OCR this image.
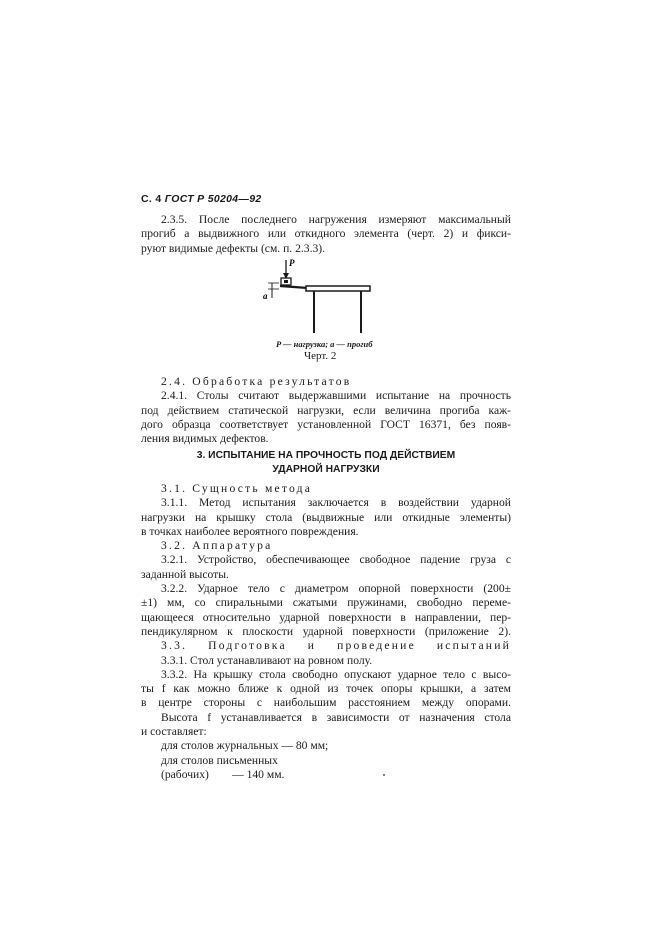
С. 4 ГОСТ Р 50204—92
2.3.5. После последнего нагружения измеряют максимальный
прогиб a выдвижного или откидного элемента (черт. 2) и фикси-
руют видимые дефекты (см. п. 2.3.3).
P
a
P — нагрузка; a — прогиб
Черт. 2
2.4. Обработка результатов
2.4.1. Столы считают выдержавшими испытание на прочность
под действием статической нагрузки, если величина прогиба каж-
дого образца соответствует установленной ГОСТ 16371, без появ-
ления видимых дефектов.
3. ИСПЫТАНИЕ НА ПРОЧНОСТЬ ПОД ДЕЙСТВИЕМ
УДАРНОЙ НАГРУЗКИ
3.1. Сущность метода
3.1.1. Метод испытания заключается в воздействии ударной
нагрузки на крышку стола (выдвижные или откидные элементы)
в точках наиболее вероятного повреждения.
3.2. Аппаратура
3.2.1. Устройство, обеспечивающее свободное падение груза с
заданной высоты.
3.2.2. Ударное тело с диаметром опорной поверхности (200±
±1) мм, со спиральными сжатыми пружинами, свободно переме-
щающееся относительно ударной поверхности в направлении, пер-
пендикулярном к плоскости ударной поверхности (приложение 2).
3.3. Подготовка и проведение испытаний
3.3.1. Стол устанавливают на ровном полу.
3.3.2. На крышку стола свободно опускают ударное тело с высо-
ты f как можно ближе к одной из точек опоры крышки, а затем
в центре стороны с наибольшим расстоянием между опорами.
Высота f устанавливается в зависимости от назначения стола
и составляет:
для столов журнальных — 80 мм;
для столов письменных
(рабочих)        — 140 мм.
